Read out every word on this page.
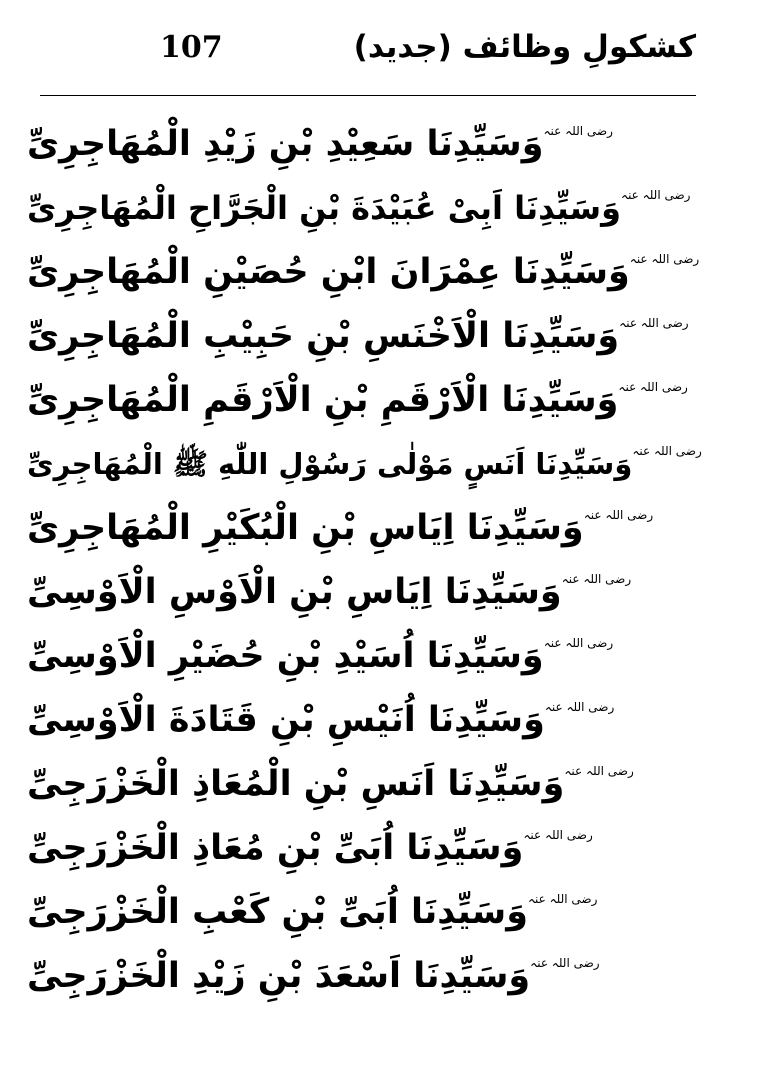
107	كشكولِ وظائف (جدید)
وَسَیِّدِنَا سَعِیْدِ بْنِ زَیْدِ الْمُهَاجِرِیِّ رضی اللہ عنہ
وَسَیِّدِنَا اَبِیْ عُبَیْدَةَ بْنِ الْجَرَّاحِ الْمُهَاجِرِیِّ رضی اللہ عنہ
وَسَیِّدِنَا عِمْرَانَ ابْنِ حُصَیْنِ الْمُهَاجِرِیِّ رضی اللہ عنہ
وَسَیِّدِنَا الْاَخْنَسِ بْنِ حَبِیْبِ الْمُهَاجِرِیِّ رضی اللہ عنہ
وَسَیِّدِنَا الْاَرْقَمِ بْنِ الْاَرْقَمِ الْمُهَاجِرِیِّ رضی اللہ عنہ
وَسَیِّدِنَا اَنَسٍ مَوْلٰی رَسُوْلِ اللّٰهِ ﷺ الْمُهَاجِرِیِّ رضی اللہ عنہ
وَسَیِّدِنَا اِیَاسِ بْنِ الْبُکَیْرِ الْمُهَاجِرِیِّ رضی اللہ عنہ
وَسَیِّدِنَا اِیَاسِ بْنِ الْاَوْسِ الْاَوْسِیِّ رضی اللہ عنہ
وَسَیِّدِنَا اُسَیْدِ بْنِ حُضَیْرِ الْاَوْسِیِّ رضی اللہ عنہ
وَسَیِّدِنَا اُنَیْسِ بْنِ قَتَادَةَ الْاَوْسِیِّ رضی اللہ عنہ
وَسَیِّدِنَا اَنَسِ بْنِ الْمُعَاذِ الْخَزْرَجِیِّ رضی اللہ عنہ
وَسَیِّدِنَا اُبَیِّ بْنِ مُعَاذِ الْخَزْرَجِیِّ رضی اللہ عنہ
وَسَیِّدِنَا اُبَیِّ بْنِ کَعْبِ الْخَزْرَجِیِّ رضی اللہ عنہ
وَسَیِّدِنَا اَسْعَدَ بْنِ زَیْدِ الْخَزْرَجِیِّ رضی اللہ عنہ
